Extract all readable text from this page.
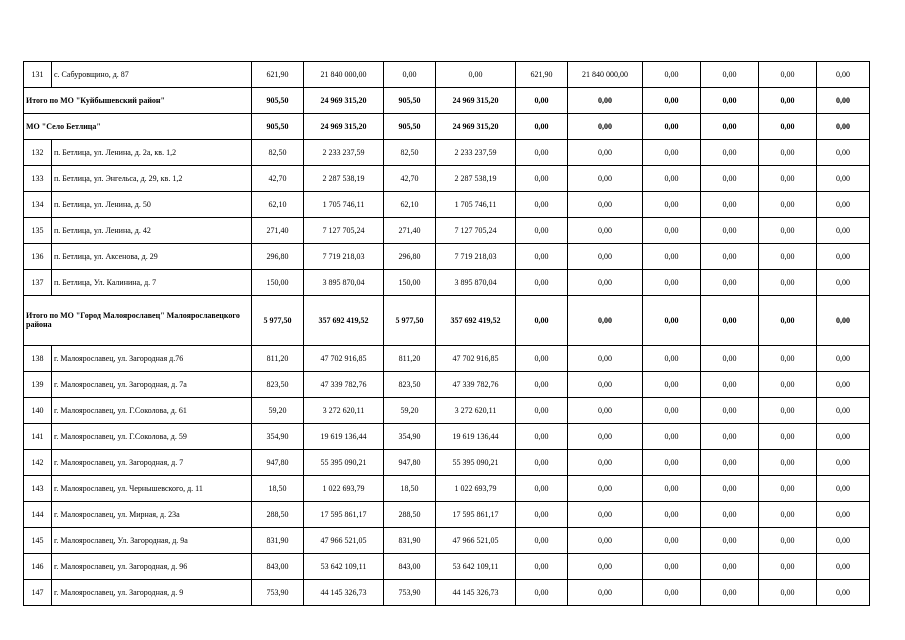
131	с. Сабуровщино, д. 87	621,90	21 840 000,00	0,00	0,00	621,90	21 840 000,00	0,00	0,00	0,00	0,00
Итого по МО "Куйбышевский район"		905,50	24 969 315,20	905,50	24 969 315,20	0,00	0,00	0,00	0,00	0,00	0,00
МО "Село Бетлица"		905,50	24 969 315,20	905,50	24 969 315,20	0,00	0,00	0,00	0,00	0,00	0,00
132	п. Бетлица, ул. Ленина, д. 2а, кв. 1,2	82,50	2 233 237,59	82,50	2 233 237,59	0,00	0,00	0,00	0,00	0,00	0,00
133	п. Бетлица, ул. Энгельса, д. 29, кв. 1,2	42,70	2 287 538,19	42,70	2 287 538,19	0,00	0,00	0,00	0,00	0,00	0,00
134	п. Бетлица, ул. Ленина, д. 50	62,10	1 705 746,11	62,10	1 705 746,11	0,00	0,00	0,00	0,00	0,00	0,00
135	п. Бетлица, ул. Ленина, д. 42	271,40	7 127 705,24	271,40	7 127 705,24	0,00	0,00	0,00	0,00	0,00	0,00
136	п. Бетлица, ул. Аксенова, д. 29	296,80	7 719 218,03	296,80	7 719 218,03	0,00	0,00	0,00	0,00	0,00	0,00
137	п. Бетлица, Ул. Калинина, д. 7	150,00	3 895 870,04	150,00	3 895 870,04	0,00	0,00	0,00	0,00	0,00	0,00
Итого по МО "Город Малоярославец" Малоярославецкого района		5 977,50	357 692 419,52	5 977,50	357 692 419,52	0,00	0,00	0,00	0,00	0,00	0,00
138	г. Малоярославец, ул. Загородная д.76	811,20	47 702 916,85	811,20	47 702 916,85	0,00	0,00	0,00	0,00	0,00	0,00
139	г. Малоярославец, ул. Загородная, д. 7а	823,50	47 339 782,76	823,50	47 339 782,76	0,00	0,00	0,00	0,00	0,00	0,00
140	г. Малоярославец, ул. Г.Соколова, д. 61	59,20	3 272 620,11	59,20	3 272 620,11	0,00	0,00	0,00	0,00	0,00	0,00
141	г. Малоярославец, ул. Г.Соколова, д. 59	354,90	19 619 136,44	354,90	19 619 136,44	0,00	0,00	0,00	0,00	0,00	0,00
142	г. Малоярославец, ул. Загородная, д. 7	947,80	55 395 090,21	947,80	55 395 090,21	0,00	0,00	0,00	0,00	0,00	0,00
143	г. Малоярославец, ул. Чернышевского, д. 11	18,50	1 022 693,79	18,50	1 022 693,79	0,00	0,00	0,00	0,00	0,00	0,00
144	г. Малоярославец, ул. Мирная, д. 23а	288,50	17 595 861,17	288,50	17 595 861,17	0,00	0,00	0,00	0,00	0,00	0,00
145	г. Малоярославец, Ул. Загородная, д. 9а	831,90	47 966 521,05	831,90	47 966 521,05	0,00	0,00	0,00	0,00	0,00	0,00
146	г. Малоярославец, ул. Загородная, д. 96	843,00	53 642 109,11	843,00	53 642 109,11	0,00	0,00	0,00	0,00	0,00	0,00
147	г. Малоярославец, ул. Загородная, д. 9	753,90	44 145 326,73	753,90	44 145 326,73	0,00	0,00	0,00	0,00	0,00	0,00
